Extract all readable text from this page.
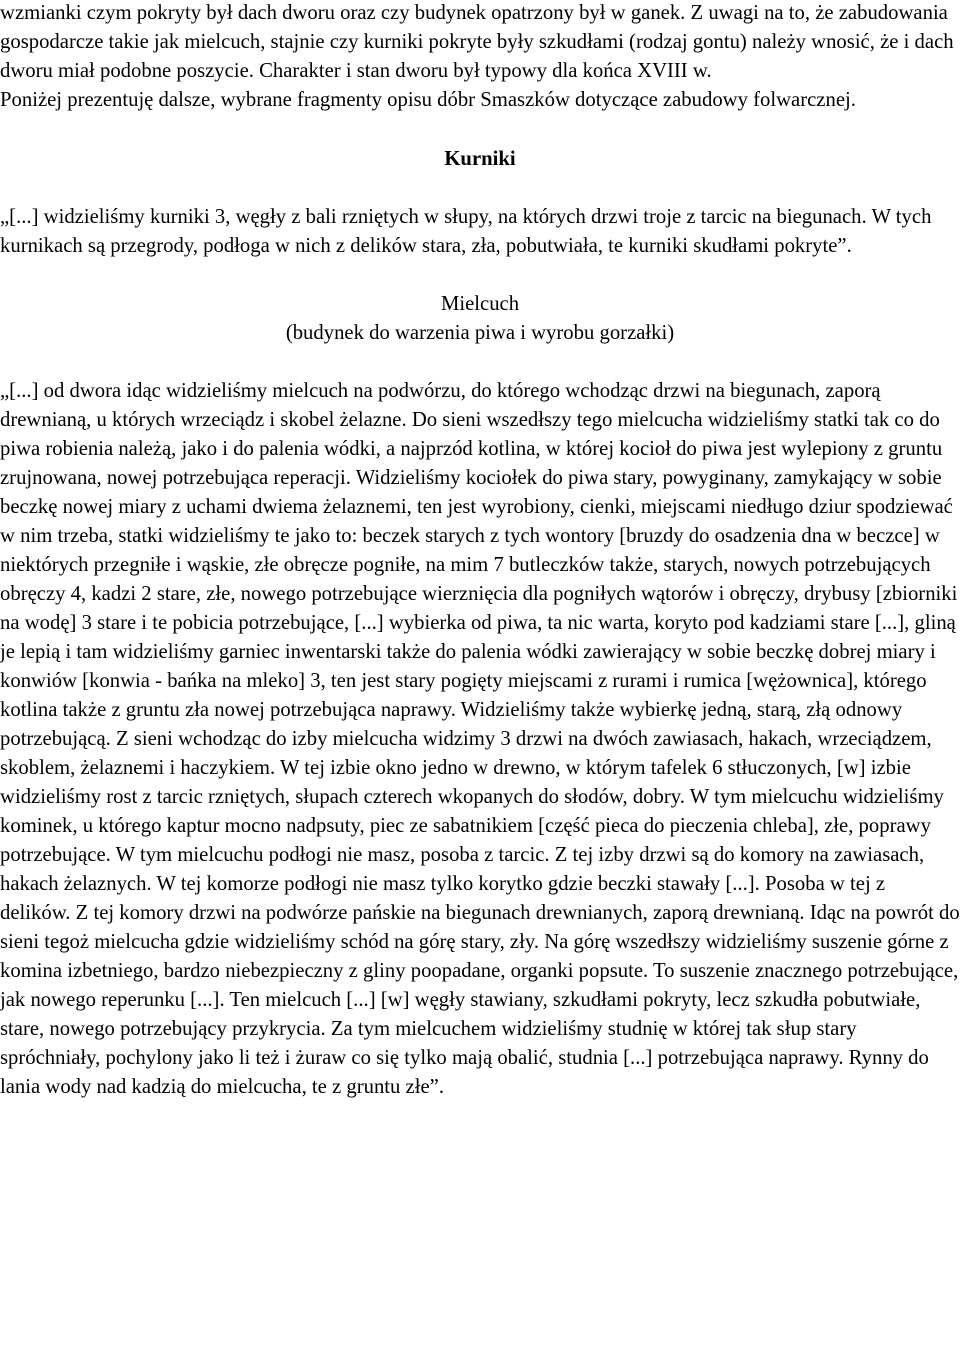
wzmianki czym pokryty był dach dworu oraz czy budynek opatrzony był w ganek. Z uwagi na to, że zabudowania gospodarcze takie jak mielcuch, stajnie czy kurniki pokryte były szkudłami (rodzaj gontu) należy wnosić, że i dach dworu miał podobne poszycie. Charakter i stan dworu był typowy dla końca XVIII w.

Poniżej prezentuję dalsze, wybrane fragmenty opisu dóbr Smaszków dotyczące zabudowy folwarcznej.

Kurniki

„[...] widzieliśmy kurniki 3, węgły z bali rzniętych w słupy, na których drzwi troje z tarcic na biegunach. W tych kurnikach są przegrody, podłoga w nich z delików stara, zła, pobutwiała, te kurniki skudłami pokryte”.

Mielcuch

(budynek do warzenia piwa i wyrobu gorzałki)

„[...] od dwora idąc widzieliśmy mielcuch na podwórzu, do którego wchodząc drzwi na biegunach, zaporą drewnianą, u których wrzeciądz i skobel żelazne. Do sieni wszedłszy tego mielcucha widzieliśmy statki tak co do piwa robienia należą, jako i do palenia wódki, a najprzód kotlina, w której kocioł do piwa jest wylepiony z gruntu zrujnowana, nowej potrzebująca reperacji. Widzieliśmy kociołek do piwa stary, powyginany, zamykający w sobie beczkę nowej miary z uchami dwiema żelaznemi, ten jest wyrobiony, cienki, miejscami niedługo dziur spodziewać w nim trzeba, statki widzieliśmy te jako to: beczek starych z tych wontory [bruzdy do osadzenia dna w beczce] w niektórych przegniłe i wąskie, złe obręcze pogniłe, na mim 7 butleczków także, starych, nowych potrzebujących obręczy 4, kadzi 2 stare, złe, nowego potrzebujące wierznięcia dla pogniłych wątorów i obręczy, drybusy [zbiorniki na wodę] 3 stare i te pobicia potrzebujące, [...] wybierka od piwa, ta nic warta, koryto pod kadziami stare [...], gliną je lepią i tam widzieliśmy garniec inwentarski także do palenia wódki zawierający w sobie beczkę dobrej miary i konwiów [konwia - bańka na mleko] 3, ten jest stary pogięty miejscami z rurami i rumica [wężownica], którego kotlina także z gruntu zła nowej potrzebująca naprawy. Widzieliśmy także wybierkę jedną, starą, złą odnowy potrzebującą. Z sieni wchodząc do izby mielcucha widzimy 3 drzwi na dwóch zawiasach, hakach, wrzeciądzem, skoblem, żelaznemi i haczykiem. W tej izbie okno jedno w drewno, w którym tafelek 6 stłuczonych, [w] izbie widzieliśmy rost z tarcic rzniętych, słupach czterech wkopanych do słodów, dobry. W tym mielcuchu widzieliśmy kominek, u którego kaptur mocno nadpsuty, piec ze sabatnikiem [część pieca do pieczenia chleba], złe, poprawy potrzebujące. W tym mielcuchu podłogi nie masz, posoba z tarcic. Z tej izby drzwi są do komory na zawiasach, hakach żelaznych. W tej komorze podłogi nie masz tylko korytko gdzie beczki stawały [...]. Posoba w tej z delików. Z tej komory drzwi na podwórze pańskie na biegunach drewnianych, zaporą drewnianą. Idąc na powrót do sieni tegoż mielcucha gdzie widzieliśmy schód na górę stary, zły. Na górę wszedłszy widzieliśmy suszenie górne z komina izbetniego, bardzo niebezpieczny z gliny poopadane, organki popsute. To suszenie znacznego potrzebujące, jak nowego reperunku [...]. Ten mielcuch [...] [w] węgły stawiany, szkudłami pokryty, lecz szkudła pobutwiałe, stare, nowego potrzebujący przykrycia. Za tym mielcuchem widzieliśmy studnię w której tak słup stary spróchniały, pochylony jako li też i żuraw co się tylko mają obalić, studnia [...] potrzebująca naprawy. Rynny do lania wody nad kadzią do mielcucha, te z gruntu złe”.
